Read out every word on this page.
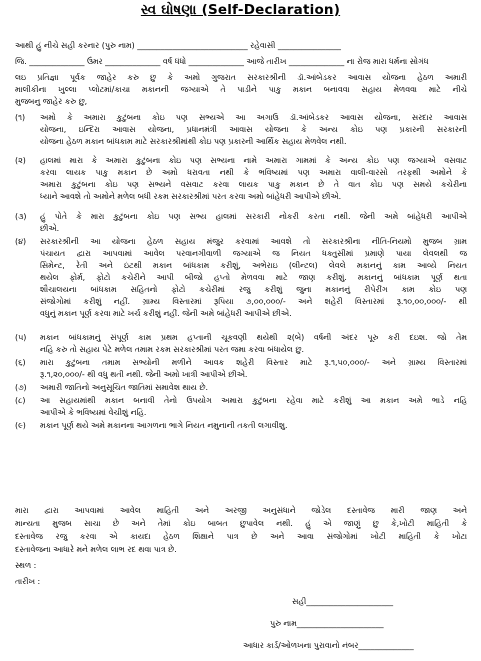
સ્વ ઘોષણા (Self-Declaration)
આથી હું નીચે સહી કરનાર (પુરુ નામ) ____________________________ રહેવાસી ________________
જિ. ______________ ઉંમર ______________ વર્ષ ધંધો ______________ આજે તારીખ ______________ ના રોજ મારા ધર્મના સોગંધ
લઇ પ્રતિજ્ઞા પૂર્વક જાહેર કરુ છુ કે અમો ગુજરાત સરકારશ્રીની ડૉ.આંબેડકર આવાસ યોજના હેઠળ અમારી
માલીકીના ખુલ્લા પ્લોટમાં/કાચા મકાનની જગ્યાએ તે પાડીને પાકુ મકાન બનાવવા સહાય મેળવવા માટે નીચે
મુજબનુ જાહેર કરુ છુ,
(૧) અમો કે અમારા કુટુંબના કોઇ પણ સભ્યએ આ અગાઉ ડૉ.આંબેડકર આવાસ યોજના, સરદાર આવાસ
યોજના, ઇન્દિરા આવાસ યોજના, પ્રધાનમંત્રી આવાસ યોજના કે અન્ય કોઇ પણ પ્રકારની સરકારની
યોજના હેઠળ મકાન બાંધકામ માટે સરકારશ્રીમાંથી કોઇ પણ પ્રકારની આર્થિક સહાય મેળવેલ નથી.
(૨) હાલમાં મારા કે અમારા કુટુંબના કોઇ પણ સભ્યના નામે અમારા ગામમાં કે અન્ય કોઇ પણ જગ્યાએ વસવાટ
કરવા લાયક પાકુ મકાન છે અમો ધરાવતા નથી કે ભવિષ્યમાં પણ અમારા વાલી-વારસો તરફથી અમોને કે
અમારા કુટુંબના કોઇ પણ સભ્યને વસવાટ કરવા લાયક પાકુ મકાન છે તે વાત કોઇ પણ સમયે કચેરીના
ધ્યાને આવશે તો અમોને મળેલ બધી રકમ સરકારશ્રીમાં પરત કરવા અમો બાંહેધરી આપીએ છીએ.
(૩) હું પોતે કે મારા કુટુંબના કોઇ પણ સભ્ય હાલમાં સરકારી નોકરી કરતા નથી. જેની અમે બાંહેધરી આપીએ
છીએ.
(૪) સરકારશ્રીની આ યોજના હેઠળ સહાય મંજુર કરવામાં આવશે તો સરકારશ્રીના નીતિ-નિયમો મુજબ ગ્રામ
પંચાયત દ્વારા આપવામાં આવેલ પરવાનગીવાળી જગ્યાએ જ નિયત ધક્તુસીમાં પ્રમાણે પાયા લેવલથી જ
સિમેન્ટ, રેતી અને ઇંટથી મકાન બાંધકામ કરીશું, અભેરાઇ (લીન્ટલ) લેવલે મકાનનું કામ આવ્યે નિયત
થયેલ ફોર્મ, ફોટો કચેરીને આપી બીજો હપ્તો મેળવવા માટે જાણ કરીશું. મકાનનું બાંધકામ પૂર્ણ થતા
શૌચાલયના બાંધકામ સહિતનો ફોટો કચેરીમાં રજુ કરીશું જુના મકાનનું રીપેરીંગ કામ કોઇ પણ
સંજોગોમાં કરીશું નહીં. ગ્રામ્ય વિસ્તારમાં રૂપિયા ૭,૦૦,૦૦૦/- અને શહેરી વિસ્તારમાં રૂ.૧૦,૦૦,૦૦૦/- થી
વધુનું મકાન પૂર્ણ કરવા માટે ખર્ચ કરીશું નહીં. જેની અમે બાંહેધરી આપીએ છીએ.
(૫) મકાન બાંધકામનું સંપૂર્ણ કામ પ્રથમ હપ્તાની ચૂકવણી થયેથી ૨(બે) વર્ષની અંદર પૂરુ કરી દઇશ. જો તેમ
નહિ કરુ તો સહાય પેટે મળેલ તમામ રકમ સરકારશ્રીમાં પરત જમા કરવા બંધાયેલ છુ.
(૬) મારા કુટુંબના તમામ સભ્યોની મળીને આવક શહેરી વિસ્તાર માટે રૂ.૧,૫૦,૦૦૦/- અને ગ્રામ્ય વિસ્તારમાં
રૂ.૧,૨૦,૦૦૦/- થી વધુ થતી નથી. જેની અમો ખાત્રી આપીએ છીએ.
(૭) અમારી જાતિનો અનુસૂચિત જાતિમાં સમાવેશ થાય છે.
(૮) આ સહાયમાંથી મકાન બનાવી તેનો ઉપયોગ અમારા કુટુંબના રહેવા માટે કરીશું આ મકાન અમે ભાડે નહિ
આપીએ કે ભવિષ્યમાં વેચીશું નહિ.
(૯) મકાન પૂર્ણ થયે અમે મકાનના આગળના ભાગે નિયત નમુનાની તકતી લગાવીશુ.
મારા દ્વારા આપવામાં આવેલ માહિતી અને અરજી અનુસંધાને જોડેલ દસ્તાવેજ મારી જાણ અને
માન્યતા મુજબ સાચા છે અને તેમાં કોઇ બાબત છુપાવેલ નથી. હું એ જાણું છુ કે,ખોટી માહિતી કે
દસ્તાવેજ રજુ કરવા એ કાયદા હેઠળ શિક્ષાને પાત્ર છે અને આવા સંજોગોમાં ખોટી માહિતી કે ખોટા
દસ્તાવેજના આધારે મને મળેલ લાભ રદ થવા પાત્ર છે.
સ્થળ :
તારીખ :
સહી______________________
પુરુ નામ______________________
આધાર કાર્ડ/ઓળખના પુરાવાનો નંબર______________
